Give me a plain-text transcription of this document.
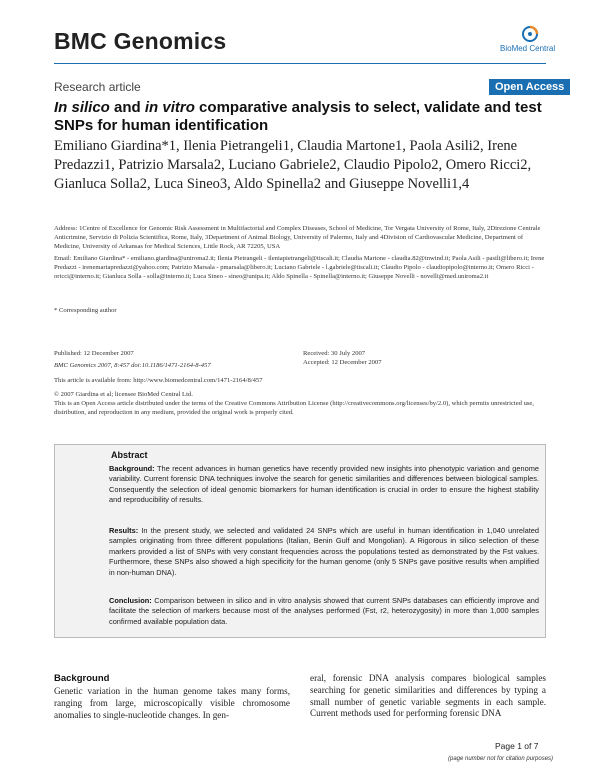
BMC Genomics	BioMed Central
Research article	Open Access
In silico and in vitro comparative analysis to select, validate and test SNPs for human identification
Emiliano Giardina*1, Ilenia Pietrangeli1, Claudia Martone1, Paola Asili2, Irene Predazzi1, Patrizio Marsala2, Luciano Gabriele2, Claudio Pipolo2, Omero Ricci2, Gianluca Solla2, Luca Sineo3, Aldo Spinella2 and Giuseppe Novelli1,4
Address: 1Centre of Excellence for Genomic Risk Assessment in Multifactorial and Complex Diseases, School of Medicine, Tor Vergata University of Rome, Italy, 2Direzione Centrale Anticrimine, Servizio di Polizia Scientifica, Rome, Italy, 3Department of Animal Biology, University of Palermo, Italy and 4Division of Cardiovascular Medicine, Department of Medicine, University of Arkansas for Medical Sciences, Little Rock, AR 72205, USA
Email: Emiliano Giardina* - emiliano.giardina@uniroma2.it; Ilenia Pietrangeli - ileniapietrangeli@tiscali.it; Claudia Martone - claudia.82@inwind.it; Paola Asili - pasili@libero.it; Irene Predazzi - irenemartapredazzi@yahoo.com; Patrizio Marsala - pmarsala@libero.it; Luciano Gabriele - l.gabriele@tiscali.it; Claudio Pipolo - claudiopipolo@interno.it; Omero Ricci - oricci@interno.it; Gianluca Solla - solla@interno.it; Luca Sineo - sineo@unipa.it; Aldo Spinella - Spinella@interno.it; Giuseppe Novelli - novelli@med.uniroma2.it
* Corresponding author
Published: 12 December 2007
BMC Genomics 2007, 8:457 doi:10.1186/1471-2164-8-457
Received: 30 July 2007
Accepted: 12 December 2007
This article is available from: http://www.biomedcentral.com/1471-2164/8/457
© 2007 Giardina et al; licensee BioMed Central Ltd.
This is an Open Access article distributed under the terms of the Creative Commons Attribution License (http://creativecommons.org/licenses/by/2.0), which permits unrestricted use, distribution, and reproduction in any medium, provided the original work is properly cited.
Abstract
Background: The recent advances in human genetics have recently provided new insights into phenotypic variation and genome variability. Current forensic DNA techniques involve the search for genetic similarities and differences between biological samples. Consequently the selection of ideal genomic biomarkers for human identification is crucial in order to ensure the highest stability and reproducibility of results.
Results: In the present study, we selected and validated 24 SNPs which are useful in human identification in 1,040 unrelated samples originating from three different populations (Italian, Benin Gulf and Mongolian). A Rigorous in silico selection of these markers provided a list of SNPs with very constant frequencies across the populations tested as demonstrated by the Fst values. Furthermore, these SNPs also showed a high specificity for the human genome (only 5 SNPs gave positive results when amplified in non-human DNA).
Conclusion: Comparison between in silico and in vitro analysis showed that current SNPs databases can efficiently improve and facilitate the selection of markers because most of the analyses performed (Fst, r2, heterozygosity) in more than 1,000 samples confirmed available population data.
Background
Genetic variation in the human genome takes many forms, ranging from large, microscopically visible chromosome anomalies to single-nucleotide changes. In gen-
eral, forensic DNA analysis compares biological samples searching for genetic similarities and differences by typing a small number of genetic variable segments in each sample. Current methods used for performing forensic DNA
Page 1 of 7
(page number not for citation purposes)
